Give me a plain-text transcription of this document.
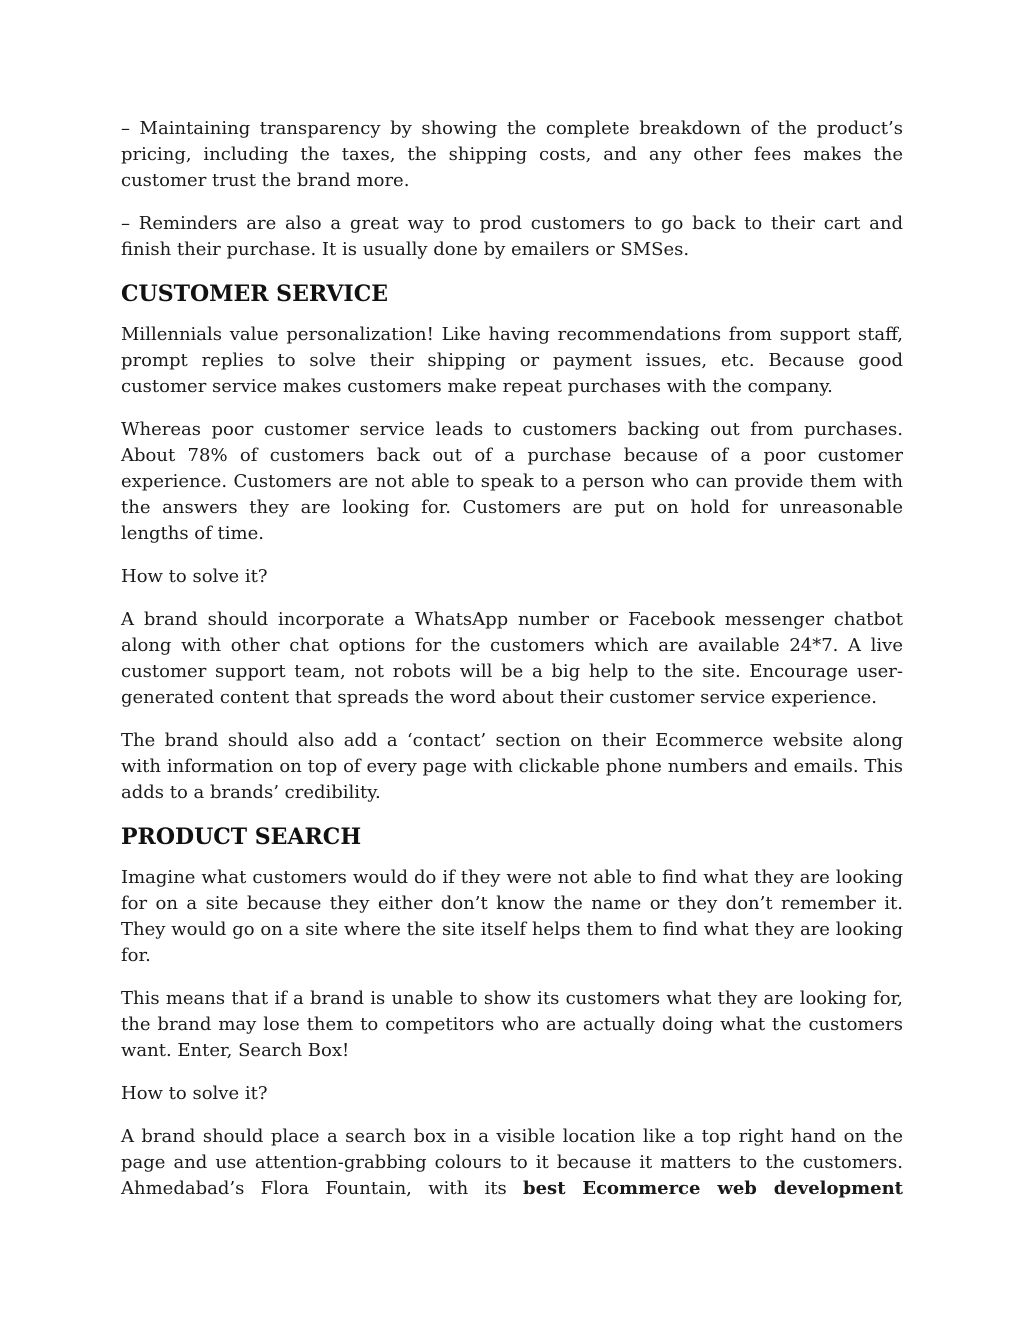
– Maintaining transparency by showing the complete breakdown of the product’s pricing, including the taxes, the shipping costs, and any other fees makes the customer trust the brand more.

– Reminders are also a great way to prod customers to go back to their cart and finish their purchase. It is usually done by emailers or SMSes.

CUSTOMER SERVICE

Millennials value personalization! Like having recommendations from support staff, prompt replies to solve their shipping or payment issues, etc. Because good customer service makes customers make repeat purchases with the company.

Whereas poor customer service leads to customers backing out from purchases. About 78% of customers back out of a purchase because of a poor customer experience. Customers are not able to speak to a person who can provide them with the answers they are looking for. Customers are put on hold for unreasonable lengths of time.

How to solve it?

A brand should incorporate a WhatsApp number or Facebook messenger chatbot along with other chat options for the customers which are available 24*7. A live customer support team, not robots will be a big help to the site. Encourage user-generated content that spreads the word about their customer service experience.

The brand should also add a ‘contact’ section on their Ecommerce website along with information on top of every page with clickable phone numbers and emails. This adds to a brands’ credibility.

PRODUCT SEARCH

Imagine what customers would do if they were not able to find what they are looking for on a site because they either don’t know the name or they don’t remember it. They would go on a site where the site itself helps them to find what they are looking for.

This means that if a brand is unable to show its customers what they are looking for, the brand may lose them to competitors who are actually doing what the customers want. Enter, Search Box!

How to solve it?

A brand should place a search box in a visible location like a top right hand on the page and use attention-grabbing colours to it because it matters to the customers. Ahmedabad’s Flora Fountain, with its best Ecommerce web development
